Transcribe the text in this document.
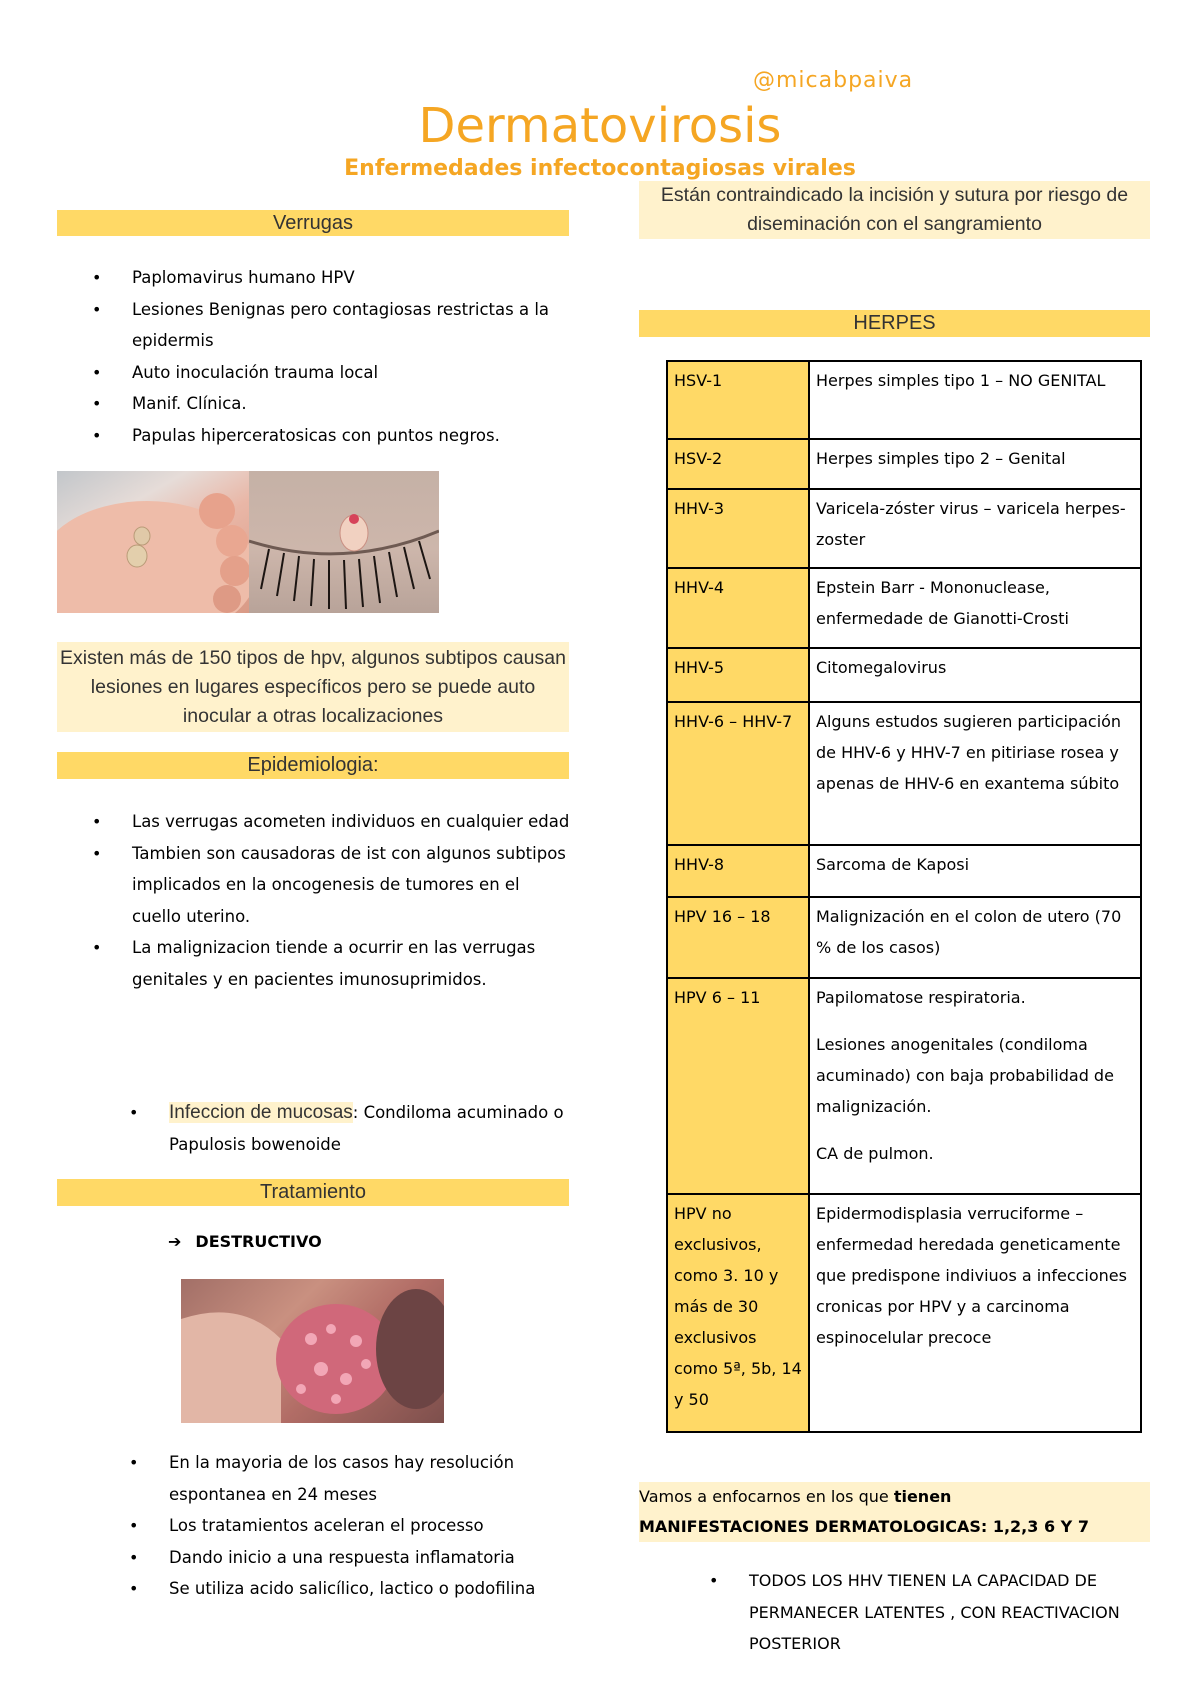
@micabpaiva
Dermatovirosis
Enfermedades infectocontagiosas virales
Verrugas
• Paplomavirus humano HPV
• Lesiones Benignas pero contagiosas restrictas a la epidermis
• Auto inoculación trauma local
• Manif. Clínica.
• Papulas hiperceratosicas con puntos negros.
Existen más de 150 tipos de hpv, algunos subtipos causan lesiones en lugares específicos pero se puede auto inocular a otras localizaciones
Epidemiologia:
• Las verrugas acometen individuos en cualquier edad
• Tambien son causadoras de ist con algunos subtipos implicados en la oncogenesis de tumores en el cuello uterino.
• La malignizacion tiende a ocurrir en las verrugas genitales y en pacientes imunosuprimidos.
• Infeccion de mucosas: Condiloma acuminado o Papulosis bowenoide
Tratamiento
➔ DESTRUCTIVO
• En la mayoria de los casos hay resolución espontanea en 24 meses
• Los tratamientos aceleran el processo
• Dando inicio a una respuesta inflamatoria
• Se utiliza acido salicílico, lactico o podofilina
Están contraindicado la incisión y sutura por riesgo de diseminación con el sangramiento
HERPES
HSV-1	Herpes simples tipo 1 – NO GENITAL
HSV-2	Herpes simples tipo 2 – Genital
HHV-3	Varicela-zóster virus – varicela herpes-zoster
HHV-4	Epstein Barr - Mononuclease, enfermedade de Gianotti-Crosti
HHV-5	Citomegalovirus
HHV-6 – HHV-7	Alguns estudos sugieren participación de HHV-6 y HHV-7 en pitiriase rosea y apenas de HHV-6 en exantema súbito
HHV-8	Sarcoma de Kaposi
HPV 16 – 18	Malignización en el colon de utero (70 % de los casos)
HPV 6 – 11	Papilomatose respiratoria.
Lesiones anogenitales (condiloma acuminado) con baja probabilidad de malignización.
CA de pulmon.

HPV no exclusivos, como 3. 10 y más de 30 exclusivos como 5ª, 5b, 14 y 50	Epidermodisplasia verruciforme – enfermedad heredada geneticamente que predispone indiviuos a infecciones cronicas por HPV y a carcinoma espinocelular precoce
Vamos a enfocarnos en los que tienen
MANIFESTACIONES DERMATOLOGICAS: 1,2,3 6 Y 7
• TODOS LOS HHV TIENEN LA CAPACIDAD DE PERMANECER LATENTES , CON REACTIVACION POSTERIOR
